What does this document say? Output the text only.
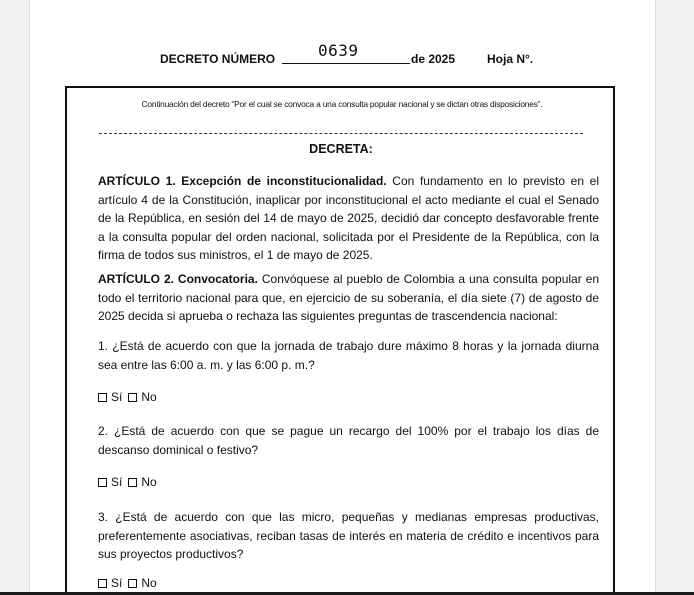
DECRETO NÚMERO	0639	de 2025	Hoja N°.
Continuación del decreto “Por el cual se convoca a una consulta popular nacional y se dictan otras disposiciones”.
DECRETA:
ARTÍCULO 1. Excepción de inconstitucionalidad. Con fundamento en lo previsto en el artículo 4 de la Constitución, inaplicar por inconstitucional el acto mediante el cual el Senado de la República, en sesión del 14 de mayo de 2025, decidió dar concepto desfavorable frente a la consulta popular del orden nacional, solicitada por el Presidente de la República, con la firma de todos sus ministros, el 1 de mayo de 2025.
ARTÍCULO 2. Convocatoria. Convóquese al pueblo de Colombia a una consulta popular en todo el territorio nacional para que, en ejercicio de su soberanía, el día siete (7) de agosto de 2025 decida si aprueba o rechaza las siguientes preguntas de trascendencia nacional:
1. ¿Está de acuerdo con que la jornada de trabajo dure máximo 8 horas y la jornada diurna sea entre las 6:00 a. m. y las 6:00 p. m.?
Sí No
2. ¿Está de acuerdo con que se pague un recargo del 100% por el trabajo los días de descanso dominical o festivo?
Sí No
3. ¿Está de acuerdo con que las micro, pequeñas y medianas empresas productivas, preferentemente asociativas, reciban tasas de interés en materia de crédito e incentivos para sus proyectos productivos?
Sí No
